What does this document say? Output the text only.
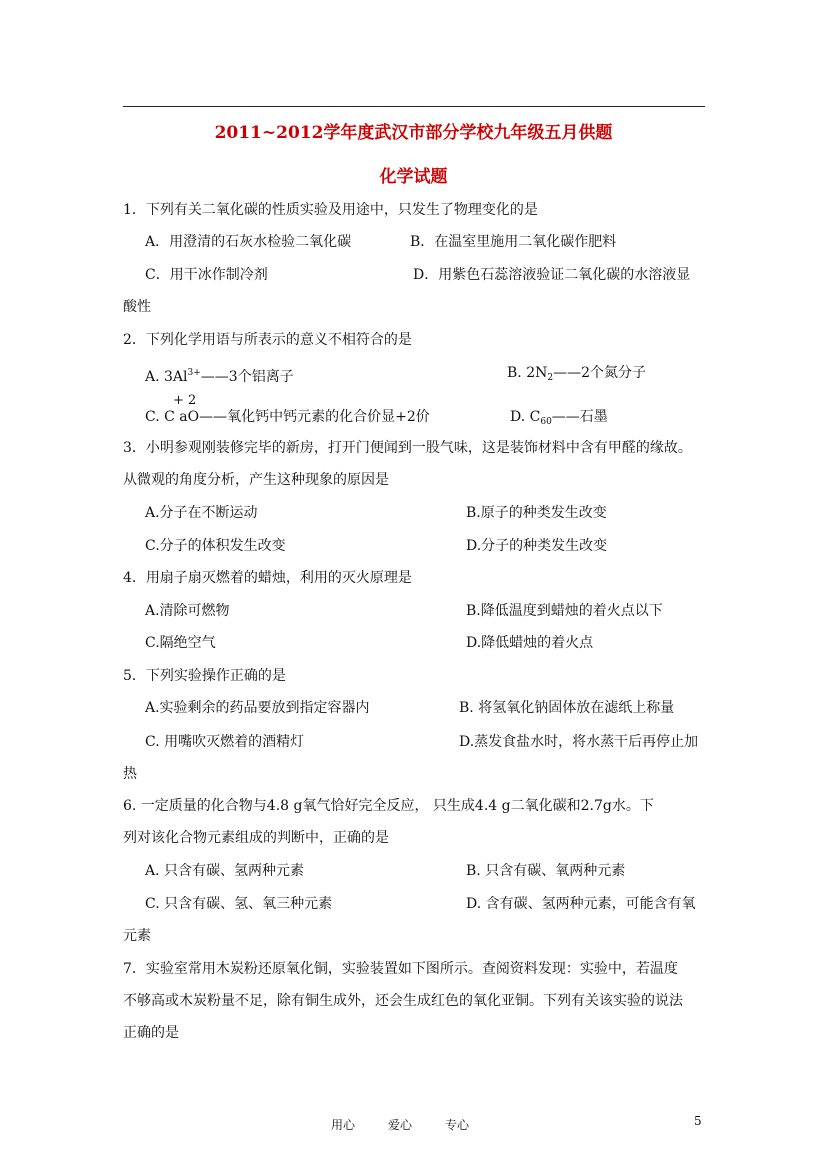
2011~2012学年度武汉市部分学校九年级五月供题
化学试题
1．下列有关二氧化碳的性质实验及用途中，只发生了物理变化的是
A．用澄清的石灰水检验二氧化碳	B．在温室里施用二氧化碳作肥料
C．用干冰作制冷剂	D．用紫色石蕊溶液验证二氧化碳的水溶液显
酸性
2．下列化学用语与所表示的意义不相符合的是
A. $3Al^{3+}——3$个铝离子	B. $2N_2——2$个氮分子
+ 2
C. C aO——氧化钙中钙元素的化合价显+2价	D. $C_{60}——$石墨
3．小明参观刚装修完毕的新房，打开门便闻到一股气味，这是装饰材料中含有甲醛的缘故。
从微观的角度分析，产生这种现象的原因是
A.分子在不断运动	B.原子的种类发生改变
C.分子的体积发生改变	D.分子的种类发生改变
4．用扇子扇灭燃着的蜡烛，利用的灭火原理是
A.清除可燃物	B.降低温度到蜡烛的着火点以下
C.隔绝空气	D.降低蜡烛的着火点
5．下列实验操作正确的是
A.实验剩余的药品要放到指定容器内	B. 将氢氧化钠固体放在滤纸上称量
C. 用嘴吹灭燃着的酒精灯	D.蒸发食盐水时，将水蒸干后再停止加
热
6. 一定质量的化合物与4.8 g氧气恰好完全反应， 只生成4.4 g二氧化碳和2.7g水。下
列对该化合物元素组成的判断中，正确的是
A. 只含有碳、氢两种元素	B. 只含有碳、氧两种元素
C. 只含有碳、氢、氧三种元素	D. 含有碳、氢两种元素，可能含有氧
元素
7．实验室常用木炭粉还原氧化铜，实验装置如下图所示。查阅资料发现：实验中，若温度
不够高或木炭粉量不足，除有铜生成外，还会生成红色的氧化亚铜。下列有关该实验的说法
正确的是
用心	爱心	专心	5
